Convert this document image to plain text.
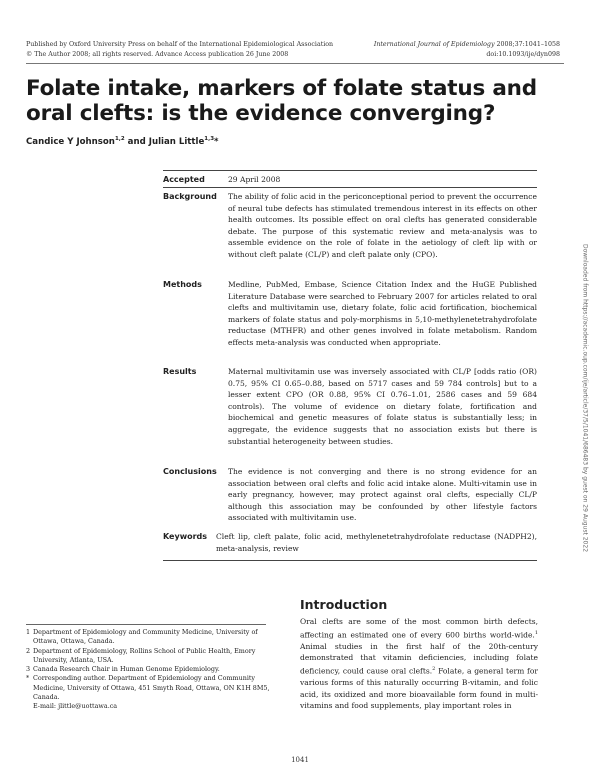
Published by Oxford University Press on behalf of the International Epidemiological Association
© The Author 2008; all rights reserved. Advance Access publication 26 June 2008
International Journal of Epidemiology 2008;37:1041–1058
doi:10.1093/ije/dyn098
Folate intake, markers of folate status and oral clefts: is the evidence converging?
Candice Y Johnson$^{1,2}$ and Julian Little$^{1,3}$*
Accepted	29 April 2008
Background The ability of folic acid in the periconceptional period to prevent the occurrence of neural tube defects has stimulated tremendous interest in its effects on other health outcomes. Its possible effect on oral clefts has generated considerable debate. The purpose of this systematic review and meta-analysis was to assemble evidence on the role of folate in the aetiology of cleft lip with or without cleft palate (CL/P) and cleft palate only (CPO).
Methods	Medline, PubMed, Embase, Science Citation Index and the HuGE Published Literature Database were searched to February 2007 for articles related to oral clefts and multivitamin use, dietary folate, folic acid fortification, biochemical markers of folate status and poly-morphisms in 5,10-methylenetetrahydrofolate reductase (MTHFR) and other genes involved in folate metabolism. Random effects meta-analysis was conducted when appropriate.
Results	Maternal multivitamin use was inversely associated with CL/P [odds ratio (OR) 0.75, 95% CI 0.65–0.88, based on 5717 cases and 59 784 controls] but to a lesser extent CPO (OR 0.88, 95% CI 0.76–1.01, 2586 cases and 59 684 controls). The volume of evidence on dietary folate, fortification and biochemical and genetic measures of folate status is substantially less; in aggregate, the evidence suggests that no association exists but there is substantial heterogeneity between studies.
Conclusions The evidence is not converging and there is no strong evidence for an association between oral clefts and folic acid intake alone. Multi-vitamin use in early pregnancy, however, may protect against oral clefts, especially CL/P although this association may be confounded by other lifestyle factors associated with multivitamin use.
Keywords Cleft lip, cleft palate, folic acid, methylenetetrahydrofolate reductase (NADPH2), meta-analysis, review
Introduction
Oral clefts are some of the most common birth defects, affecting an estimated one of every 600 births world-wide.$^1$ Animal studies in the first half of the 20th-century demonstrated that vitamin deficiencies, including folate deficiency, could cause oral clefts.$^2$ Folate, a general term for various forms of this naturally occurring B-vitamin, and folic acid, its oxidized and more bioavailable form found in multi-vitamins and food supplements, play important roles in
1 Department of Epidemiology and Community Medicine, University of Ottawa, Ottawa, Canada.
2 Department of Epidemiology, Rollins School of Public Health, Emory University, Atlanta, USA.
3 Canada Research Chair in Human Genome Epidemiology.
* Corresponding author. Department of Epidemiology and Community Medicine, University of Ottawa, 451 Smyth Road, Ottawa, ON K1H 8M5, Canada.
E-mail: jlittle@uottawa.ca
1041
Downloaded from https://academic.oup.com/ije/article/37/5/1041/686483 by guest on 29 August 2022
